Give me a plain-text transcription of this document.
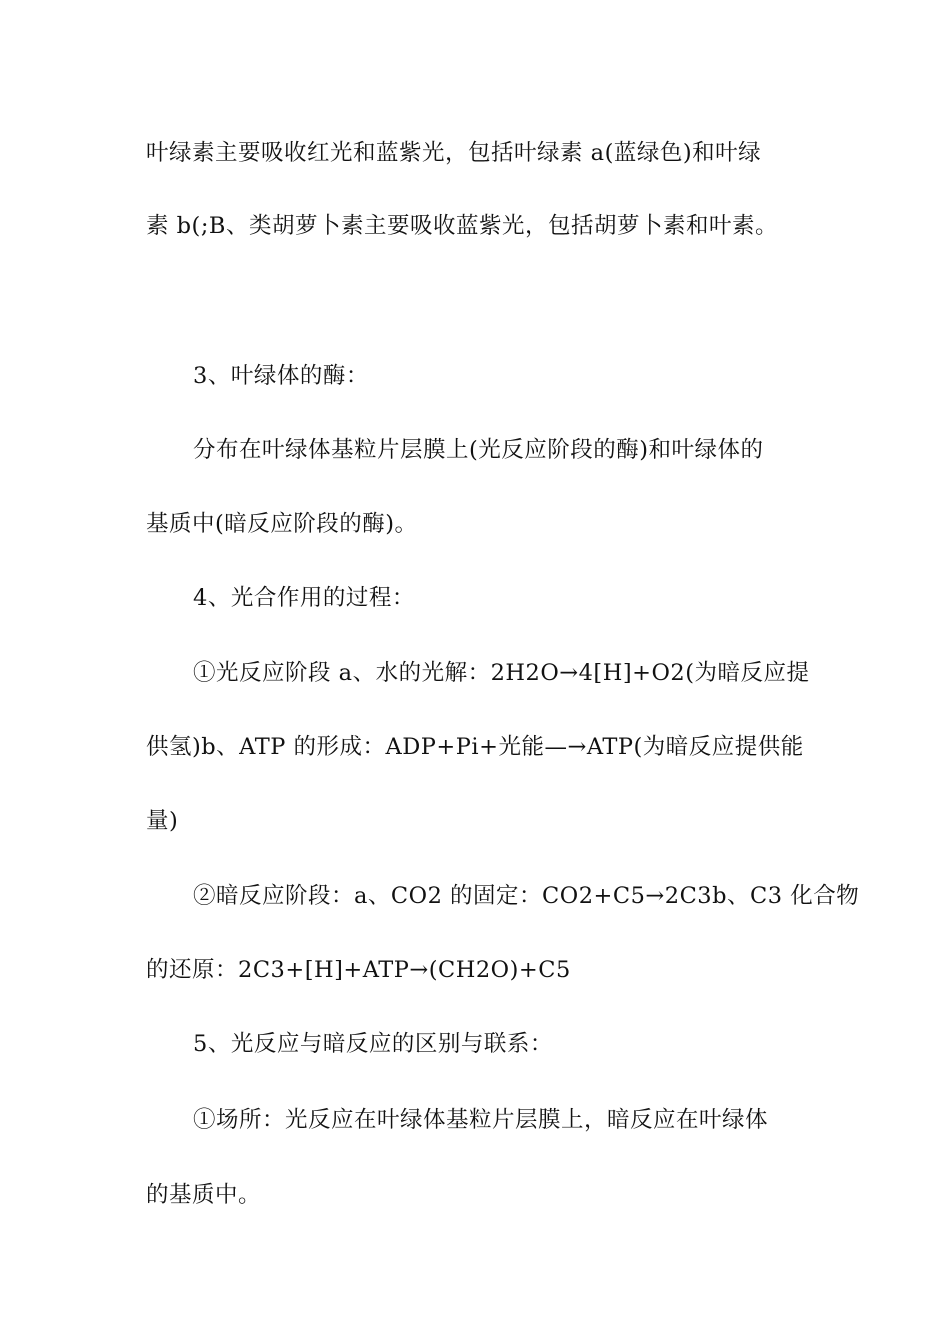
叶绿素主要吸收红光和蓝紫光，包括叶绿素 a(蓝绿色)和叶绿
素 b(;B、类胡萝卜素主要吸收蓝紫光，包括胡萝卜素和叶素。
3、叶绿体的酶：
分布在叶绿体基粒片层膜上(光反应阶段的酶)和叶绿体的
基质中(暗反应阶段的酶)。
4、光合作用的过程：
①光反应阶段 a、水的光解：2H2O→4[H]+O2(为暗反应提
供氢)b、ATP 的形成：ADP+Pi+光能—→ATP(为暗反应提供能
量)
②暗反应阶段：a、CO2 的固定：CO2+C5→2C3b、C3 化合物
的还原：2C3+[H]+ATP→(CH2O)+C5
5、光反应与暗反应的区别与联系：
①场所：光反应在叶绿体基粒片层膜上，暗反应在叶绿体
的基质中。
